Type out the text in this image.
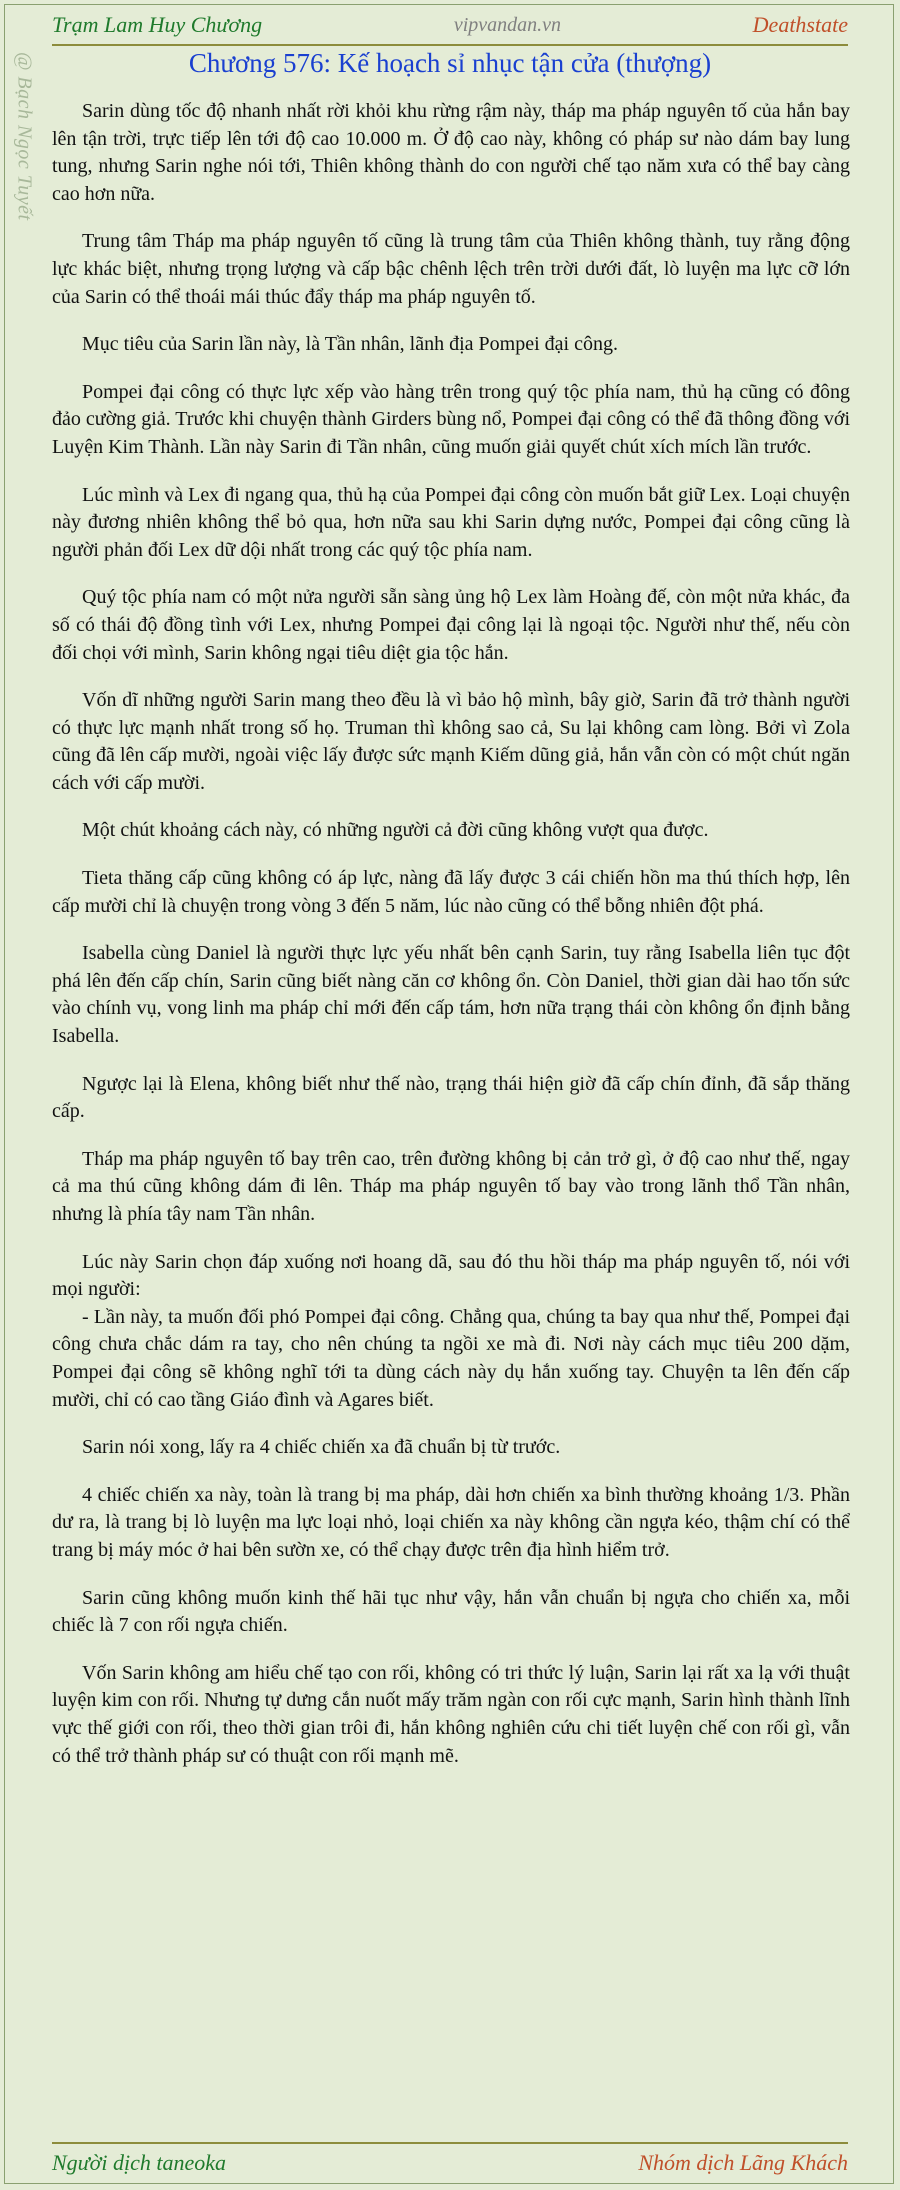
Trạm Lam Huy Chương	vipvandan.vn	Deathstate
@ Bạch Ngọc Tuyết	Chương 576: Kế hoạch sỉ nhục tận cửa (thượng)

Sarin dùng tốc độ nhanh nhất rời khỏi khu rừng rậm này, tháp ma pháp nguyên tố của hắn bay lên tận trời, trực tiếp lên tới độ cao 10.000 m. Ở độ cao này, không có pháp sư nào dám bay lung tung, nhưng Sarin nghe nói tới, Thiên không thành do con người chế tạo năm xưa có thể bay càng cao hơn nữa.

Trung tâm Tháp ma pháp nguyên tố cũng là trung tâm của Thiên không thành, tuy rằng động lực khác biệt, nhưng trọng lượng và cấp bậc chênh lệch trên trời dưới đất, lò luyện ma lực cỡ lớn của Sarin có thể thoái mái thúc đẩy tháp ma pháp nguyên tố.

Mục tiêu của Sarin lần này, là Tần nhân, lãnh địa Pompei đại công.

Pompei đại công có thực lực xếp vào hàng trên trong quý tộc phía nam, thủ hạ cũng có đông đảo cường giả. Trước khi chuyện thành Girders bùng nổ, Pompei đại công có thể đã thông đồng với Luyện Kim Thành. Lần này Sarin đi Tần nhân, cũng muốn giải quyết chút xích mích lần trước.

Lúc mình và Lex đi ngang qua, thủ hạ của Pompei đại công còn muốn bắt giữ Lex. Loại chuyện này đương nhiên không thể bỏ qua, hơn nữa sau khi Sarin dựng nước, Pompei đại công cũng là người phản đối Lex dữ dội nhất trong các quý tộc phía nam.

Quý tộc phía nam có một nửa người sẵn sàng ủng hộ Lex làm Hoàng đế, còn một nửa khác, đa số có thái độ đồng tình với Lex, nhưng Pompei đại công lại là ngoại tộc. Người như thế, nếu còn đối chọi với mình, Sarin không ngại tiêu diệt gia tộc hắn.

Vốn dĩ những người Sarin mang theo đều là vì bảo hộ mình, bây giờ, Sarin đã trở thành người có thực lực mạnh nhất trong số họ. Truman thì không sao cả, Su lại không cam lòng. Bởi vì Zola cũng đã lên cấp mười, ngoài việc lấy được sức mạnh Kiếm dũng giả, hắn vẫn còn có một chút ngăn cách với cấp mười.

Một chút khoảng cách này, có những người cả đời cũng không vượt qua được.

Tieta thăng cấp cũng không có áp lực, nàng đã lấy được 3 cái chiến hồn ma thú thích hợp, lên cấp mười chỉ là chuyện trong vòng 3 đến 5 năm, lúc nào cũng có thể bỗng nhiên đột phá.

Isabella cùng Daniel là người thực lực yếu nhất bên cạnh Sarin, tuy rằng Isabella liên tục đột phá lên đến cấp chín, Sarin cũng biết nàng căn cơ không ổn. Còn Daniel, thời gian dài hao tốn sức vào chính vụ, vong linh ma pháp chỉ mới đến cấp tám, hơn nữa trạng thái còn không ổn định bằng Isabella.

Ngược lại là Elena, không biết như thế nào, trạng thái hiện giờ đã cấp chín đỉnh, đã sắp thăng cấp.

Tháp ma pháp nguyên tố bay trên cao, trên đường không bị cản trở gì, ở độ cao như thế, ngay cả ma thú cũng không dám đi lên. Tháp ma pháp nguyên tố bay vào trong lãnh thổ Tần nhân, nhưng là phía tây nam Tần nhân.

Lúc này Sarin chọn đáp xuống nơi hoang dã, sau đó thu hồi tháp ma pháp nguyên tố, nói với mọi người:

- Lần này, ta muốn đối phó Pompei đại công. Chẳng qua, chúng ta bay qua như thế, Pompei đại công chưa chắc dám ra tay, cho nên chúng ta ngồi xe mà đi. Nơi này cách mục tiêu 200 dặm, Pompei đại công sẽ không nghĩ tới ta dùng cách này dụ hắn xuống tay. Chuyện ta lên đến cấp mười, chỉ có cao tầng Giáo đình và Agares biết.

Sarin nói xong, lấy ra 4 chiếc chiến xa đã chuẩn bị từ trước.

4 chiếc chiến xa này, toàn là trang bị ma pháp, dài hơn chiến xa bình thường khoảng 1/3. Phần dư ra, là trang bị lò luyện ma lực loại nhỏ, loại chiến xa này không cần ngựa kéo, thậm chí có thể trang bị máy móc ở hai bên sườn xe, có thể chạy được trên địa hình hiểm trở.

Sarin cũng không muốn kinh thế hãi tục như vậy, hắn vẫn chuẩn bị ngựa cho chiến xa, mỗi chiếc là 7 con rối ngựa chiến.

Vốn Sarin không am hiểu chế tạo con rối, không có tri thức lý luận, Sarin lại rất xa lạ với thuật luyện kim con rối. Nhưng tự dưng cắn nuốt mấy trăm ngàn con rối cực mạnh, Sarin hình thành lĩnh vực thế giới con rối, theo thời gian trôi đi, hắn không nghiên cứu chi tiết luyện chế con rối gì, vẫn có thể trở thành pháp sư có thuật con rối mạnh mẽ.

Người dịch taneoka	Nhóm dịch Lãng Khách
